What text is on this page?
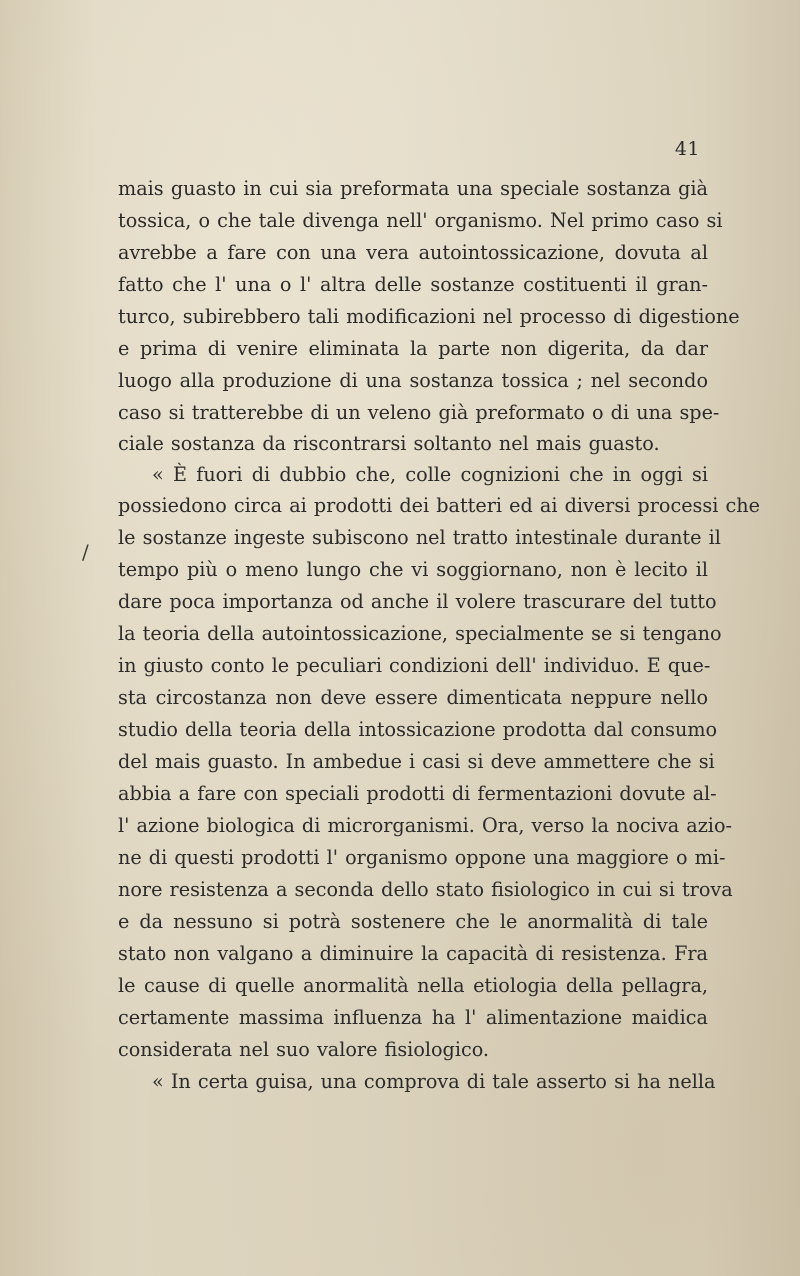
41
/
mais guasto in cui sia preformata una speciale sostanza già
tossica, o che tale divenga nell' organismo. Nel primo caso si
avrebbe a fare con una vera autointossicazione, dovuta al
fatto che l' una o l' altra delle sostanze costituenti il gran-
turco, subirebbero tali modificazioni nel processo di digestione
e prima di venire eliminata la parte non digerita, da dar
luogo alla produzione di una sostanza tossica ; nel secondo
caso si tratterebbe di un veleno già preformato o di una spe-
ciale sostanza da riscontrarsi soltanto nel mais guasto.
« È fuori di dubbio che, colle cognizioni che in oggi si
possiedono circa ai prodotti dei batteri ed ai diversi processi che
le sostanze ingeste subiscono nel tratto intestinale durante il
tempo più o meno lungo che vi soggiornano, non è lecito il
dare poca importanza od anche il volere trascurare del tutto
la teoria della autointossicazione, specialmente se si tengano
in giusto conto le peculiari condizioni dell' individuo. E que-
sta circostanza non deve essere dimenticata neppure nello
studio della teoria della intossicazione prodotta dal consumo
del mais guasto. In ambedue i casi si deve ammettere che si
abbia a fare con speciali prodotti di fermentazioni dovute al-
l' azione biologica di microrganismi. Ora, verso la nociva azio-
ne di questi prodotti l' organismo oppone una maggiore o mi-
nore resistenza a seconda dello stato fisiologico in cui si trova
e da nessuno si potrà sostenere che le anormalità di tale
stato non valgano a diminuire la capacità di resistenza. Fra
le cause di quelle anormalità nella etiologia della pellagra,
certamente massima influenza ha l' alimentazione maidica
considerata nel suo valore fisiologico.
« In certa guisa, una comprova di tale asserto si ha nella
